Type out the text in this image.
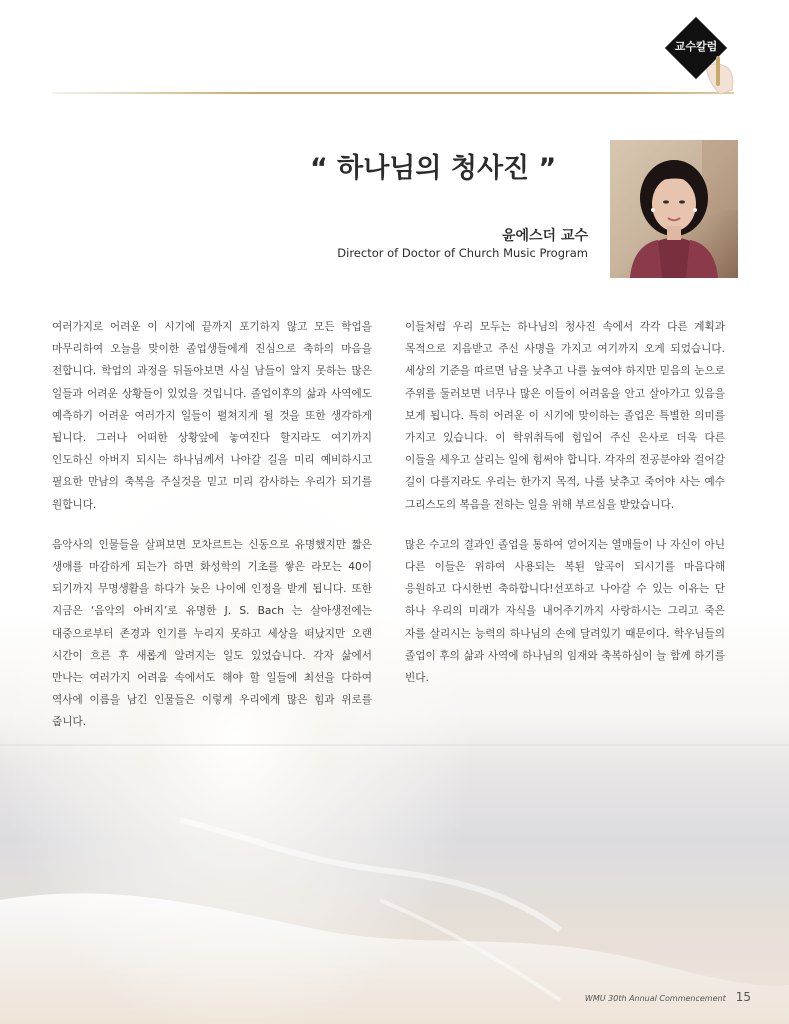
교수칼럼
“ 하나님의 청사진 ”
윤에스더 교수
Director of Doctor of Church Music Program

여러가지로 어려운 이 시기에 끝까지 포기하지 않고 모든 학업을 마무리하여 오늘을 맞이한 졸업생들에게 진심으로 축하의 마음을 전합니다. 학업의 과정을 뒤돌아보면 사실 남들이 알지 못하는 많은 일들과 어려운 상황들이 있었을 것입니다. 졸업이후의 삶과 사역에도 예측하기 어려운 여러가지 일들이 펼쳐지게 될 것을 또한 생각하게 됩니다. 그러나 어떠한 상황앞에 놓여진다 할지라도 여기까지 인도하신 아버지 되시는 하나님께서 나아갈 길을 미리 예비하시고 필요한 만남의 축복을 주실것을 믿고 미리 감사하는 우리가 되기를 원합니다.

음악사의 인물들을 살펴보면 모차르트는 신동으로 유명했지만 짧은 생애를 마감하게 되는가 하면 화성학의 기초를 쌓은 라모는 40이 되기까지 무명생활을 하다가 늦은 나이에 인정을 받게 됩니다. 또한 지금은 ‘음악의 아버지’로 유명한 J. S. Bach 는 살아생전에는 대중으로부터 존경과 인기를 누리지 못하고 세상을 떠났지만 오랜 시간이 흐른 후 새롭게 알려지는 일도 있었습니다. 각자 삶에서 만나는 여러가지 어려움 속에서도 해야 할 일들에 최선을 다하여 역사에 이름을 남긴 인물들은 이렇게 우리에게 많은 힘과 위로를 줍니다.

이들처럼 우리 모두는 하나님의 청사진 속에서 각각 다른 계획과 목적으로 지음받고 주신 사명을 가지고 여기까지 오게 되었습니다. 세상의 기준을 따르면 남을 낮추고 나를 높여야 하지만 믿음의 눈으로 주위를 둘러보면 너무나 많은 이들이 어려움을 안고 살아가고 있음을 보게 됩니다. 특히 어려운 이 시기에 맞이하는 졸업은 특별한 의미를 가지고 있습니다. 이 학위취득에 힘입어 주신 은사로 더욱 다른 이들을 세우고 살리는 일에 힘써야 합니다. 각자의 전공분야와 걸어갈 길이 다를지라도 우리는 한가지 목적, 나를 낮추고 죽어야 사는 예수 그리스도의 복음을 전하는 일을 위해 부르심을 받았습니다.

많은 수고의 결과인 졸업을 통하여 얻어지는 열매들이 나 자신이 아닌 다른 이들은 위하여 사용되는 복된 알곡이 되시기를 마음다해 응원하고 다시한번 축하합니다!선포하고 나아갈 수 있는 이유는 단 하나 우리의 미래가 자식을 내어주기까지 사랑하시는 그리고 죽은 자를 살리시는 능력의 하나님의 손에 달려있기 때문이다. 학우님들의 졸업이 후의 삶과 사역에 하나님의 임재와 축복하심이 늘 함께 하기를 빈다.

WMU 30th Annual Commencement 15
